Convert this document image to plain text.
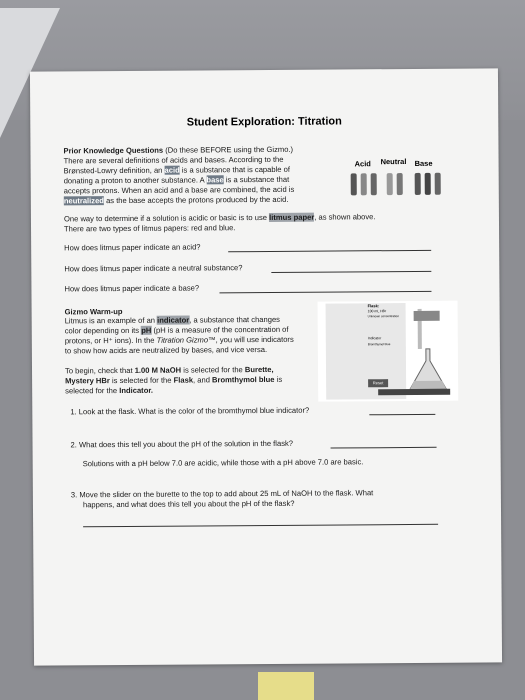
Student Exploration: Titration
Prior Knowledge Questions (Do these BEFORE using the Gizmo.)
There are several definitions of acids and bases. According to the
Brønsted-Lowry definition, an acid is a substance that is capable of
donating a proton to another substance. A base is a substance that
accepts protons. When an acid and a base are combined, the acid is
neutralized as the base accepts the protons produced by the acid.
Acid Neutral Base
One way to determine if a solution is acidic or basic is to use litmus paper, as shown above.
There are two types of litmus papers: red and blue.
How does litmus paper indicate an acid?
How does litmus paper indicate a neutral substance?
How does litmus paper indicate a base?
Gizmo Warm-up
Litmus is an example of an indicator, a substance that changes
color depending on its pH (pH is a measure of the concentration of
protons, or H⁺ ions). In the Titration Gizmo™, you will use indicators
to show how acids are neutralized by bases, and vice versa.
To begin, check that 1.00 M NaOH is selected for the Burette,
Mystery HBr is selected for the Flask, and Bromthymol blue is
selected for the Indicator.
Flask:
100 mL HBr
Unknown concentration
Indicator
Bromthymol blue
Reset
1. Look at the flask. What is the color of the bromthymol blue indicator?
2. What does this tell you about the pH of the solution in the flask?
Solutions with a pH below 7.0 are acidic, while those with a pH above 7.0 are basic.
3. Move the slider on the burette to the top to add about 25 mL of NaOH to the flask. What
happens, and what does this tell you about the pH of the flask?
